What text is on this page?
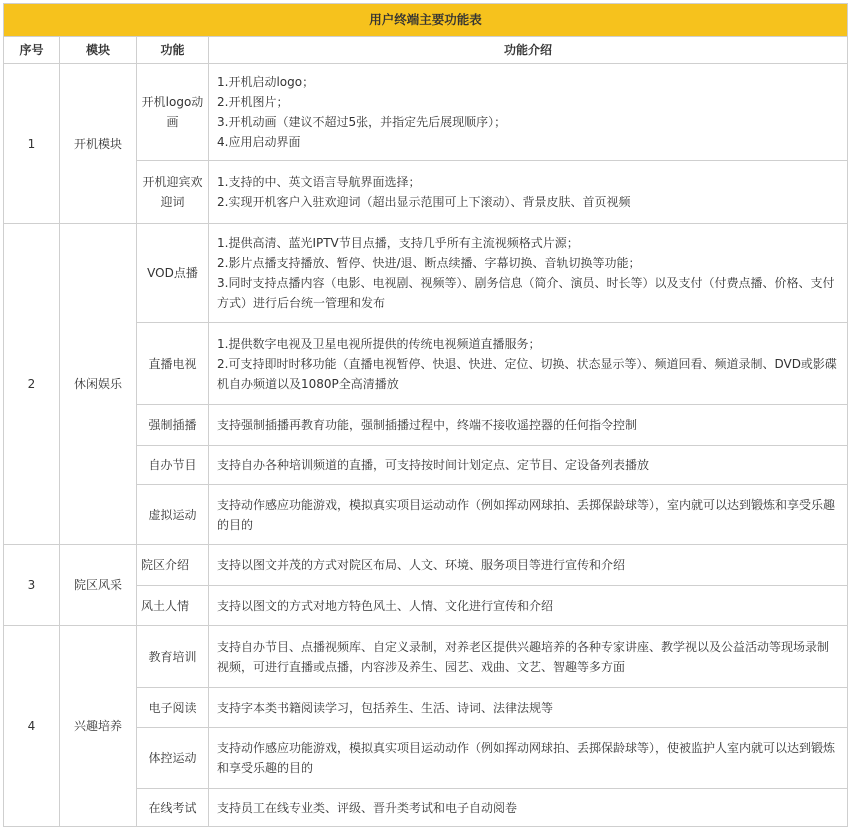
用户终端主要功能表			
序号	模块	功能	功能介绍
1	开机模块	开机logo动画	1.开机启动logo；
2.开机图片；
3.开机动画（建议不超过5张，并指定先后展现顺序）；
4.应用启动界面

		开机迎宾欢迎词	1.支持的中、英文语言导航界面选择；
2.实现开机客户入驻欢迎词（超出显示范围可上下滚动）、背景皮肤、首页视频

2	休闲娱乐	VOD点播	1.提供高清、蓝光IPTV节目点播，支持几乎所有主流视频格式片源；
2.影片点播支持播放、暂停、快进/退、断点续播、字幕切换、音轨切换等功能；
3.同时支持点播内容（电影、电视剧、视频等）、剧务信息（简介、演员、时长等）以及支付（付费点播、价格、支付方式）进行后台统一管理和发布

		直播电视	1.提供数字电视及卫星电视所提供的传统电视频道直播服务；
2.可支持即时时移功能（直播电视暂停、快退、快进、定位、切换、状态显示等）、频道回看、频道录制、DVD或影碟机自办频道以及1080P全高清播放

		强制插播	支持强制插播再教育功能，强制插播过程中，终端不接收遥控器的任何指令控制

		自办节目	支持自办各种培训频道的直播，可支持按时间计划定点、定节目、定设备列表播放

		虚拟运动	支持动作感应功能游戏，模拟真实项目运动动作（例如挥动网球拍、丢掷保龄球等），室内就可以达到锻炼和享受乐趣的目的

3	院区风采	院区介绍	支持以图文并茂的方式对院区布局、人文、环境、服务项目等进行宣传和介绍

		风土人情	支持以图文的方式对地方特色风土、人情、文化进行宣传和介绍

4	兴趣培养	教育培训	支持自办节目、点播视频库、自定义录制，对养老区提供兴趣培养的各种专家讲座、教学视以及公益活动等现场录制视频，可进行直播或点播，内容涉及养生、园艺、戏曲、文艺、智趣等多方面

		电子阅读	支持字本类书籍阅读学习，包括养生、生活、诗词、法律法规等

		体控运动	支持动作感应功能游戏，模拟真实项目运动动作（例如挥动网球拍、丢掷保龄球等），使被监护人室内就可以达到锻炼和享受乐趣的目的

		在线考试	支持员工在线专业类、评级、晋升类考试和电子自动阅卷
